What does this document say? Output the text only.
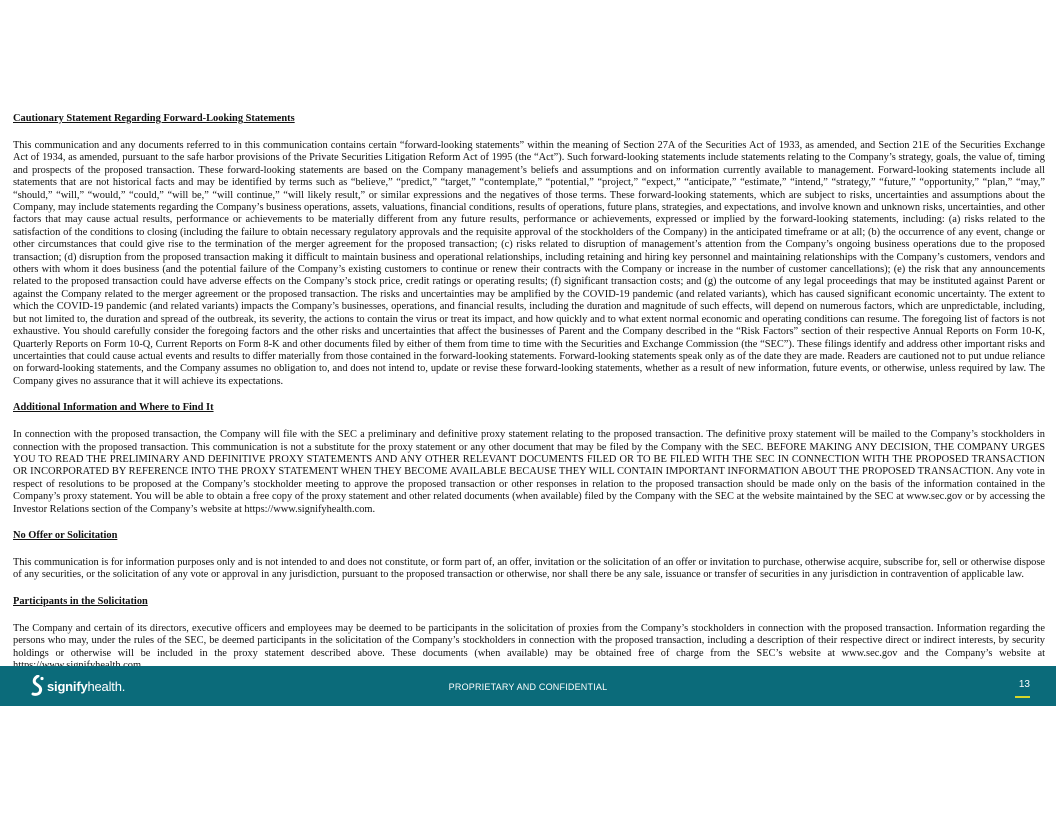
Cautionary Statement Regarding Forward-Looking Statements

This communication and any documents referred to in this communication contains certain “forward-looking statements” within the meaning of Section 27A of the Securities Act of 1933, as amended, and Section 21E of the Securities Exchange Act of 1934, as amended, pursuant to the safe harbor provisions of the Private Securities Litigation Reform Act of 1995 (the “Act”). Such forward-looking statements include statements relating to the Company’s strategy, goals, the value of, timing and prospects of the proposed transaction. These forward-looking statements are based on the Company management’s beliefs and assumptions and on information currently available to management. Forward-looking statements include all statements that are not historical facts and may be identified by terms such as “believe,” “predict,” “target,” “contemplate,” “potential,” “project,” “expect,” “anticipate,” “estimate,” “intend,” “strategy,” “future,” “opportunity,” “plan,” “may,” “should,” “will,” “would,” “could,” “will be,” “will continue,” “will likely result,” or similar expressions and the negatives of those terms. These forward-looking statements, which are subject to risks, uncertainties and assumptions about the Company, may include statements regarding the Company’s business operations, assets, valuations, financial conditions, results of operations, future plans, strategies, and expectations, and involve known and unknown risks, uncertainties, and other factors that may cause actual results, performance or achievements to be materially different from any future results, performance or achievements, expressed or implied by the forward-looking statements, including: (a) risks related to the satisfaction of the conditions to closing (including the failure to obtain necessary regulatory approvals and the requisite approval of the stockholders of the Company) in the anticipated timeframe or at all; (b) the occurrence of any event, change or other circumstances that could give rise to the termination of the merger agreement for the proposed transaction; (c) risks related to disruption of management’s attention from the Company’s ongoing business operations due to the proposed transaction; (d) disruption from the proposed transaction making it difficult to maintain business and operational relationships, including retaining and hiring key personnel and maintaining relationships with the Company’s customers, vendors and others with whom it does business (and the potential failure of the Company’s existing customers to continue or renew their contracts with the Company or increase in the number of customer cancellations); (e) the risk that any announcements related to the proposed transaction could have adverse effects on the Company’s stock price, credit ratings or operating results; (f) significant transaction costs; and (g) the outcome of any legal proceedings that may be instituted against Parent or against the Company related to the merger agreement or the proposed transaction. The risks and uncertainties may be amplified by the COVID-19 pandemic (and related variants), which has caused significant economic uncertainty. The extent to which the COVID-19 pandemic (and related variants) impacts the Company’s businesses, operations, and financial results, including the duration and magnitude of such effects, will depend on numerous factors, which are unpredictable, including, but not limited to, the duration and spread of the outbreak, its severity, the actions to contain the virus or treat its impact, and how quickly and to what extent normal economic and operating conditions can resume. The foregoing list of factors is not exhaustive. You should carefully consider the foregoing factors and the other risks and uncertainties that affect the businesses of Parent and the Company described in the “Risk Factors” section of their respective Annual Reports on Form 10-K, Quarterly Reports on Form 10-Q, Current Reports on Form 8-K and other documents filed by either of them from time to time with the Securities and Exchange Commission (the “SEC”). These filings identify and address other important risks and uncertainties that could cause actual events and results to differ materially from those contained in the forward-looking statements. Forward-looking statements speak only as of the date they are made. Readers are cautioned not to put undue reliance on forward-looking statements, and the Company assumes no obligation to, and does not intend to, update or revise these forward-looking statements, whether as a result of new information, future events, or otherwise, unless required by law. The Company gives no assurance that it will achieve its expectations.

Additional Information and Where to Find It

In connection with the proposed transaction, the Company will file with the SEC a preliminary and definitive proxy statement relating to the proposed transaction. The definitive proxy statement will be mailed to the Company’s stockholders in connection with the proposed transaction. This communication is not a substitute for the proxy statement or any other document that may be filed by the Company with the SEC. BEFORE MAKING ANY DECISION, THE COMPANY URGES YOU TO READ THE PRELIMINARY AND DEFINITIVE PROXY STATEMENTS AND ANY OTHER RELEVANT DOCUMENTS FILED OR TO BE FILED WITH THE SEC IN CONNECTION WITH THE PROPOSED TRANSACTION OR INCORPORATED BY REFERENCE INTO THE PROXY STATEMENT WHEN THEY BECOME AVAILABLE BECAUSE THEY WILL CONTAIN IMPORTANT INFORMATION ABOUT THE PROPOSED TRANSACTION. Any vote in respect of resolutions to be proposed at the Company’s stockholder meeting to approve the proposed transaction or other responses in relation to the proposed transaction should be made only on the basis of the information contained in the Company’s proxy statement. You will be able to obtain a free copy of the proxy statement and other related documents (when available) filed by the Company with the SEC at the website maintained by the SEC at www.sec.gov or by accessing the Investor Relations section of the Company’s website at https://www.signifyhealth.com.

No Offer or Solicitation

This communication is for information purposes only and is not intended to and does not constitute, or form part of, an offer, invitation or the solicitation of an offer or invitation to purchase, otherwise acquire, subscribe for, sell or otherwise dispose of any securities, or the solicitation of any vote or approval in any jurisdiction, pursuant to the proposed transaction or otherwise, nor shall there be any sale, issuance or transfer of securities in any jurisdiction in contravention of applicable law.

Participants in the Solicitation

The Company and certain of its directors, executive officers and employees may be deemed to be participants in the solicitation of proxies from the Company’s stockholders in connection with the proposed transaction. Information regarding the persons who may, under the rules of the SEC, be deemed participants in the solicitation of the Company’s stockholders in connection with the proposed transaction, including a description of their respective direct or indirect interests, by security holdings or otherwise will be included in the proxy statement described above. These documents (when available) may be obtained free of charge from the SEC’s website at www.sec.gov and the Company’s website at

signifyhealth.	PROPRIETARY AND CONFIDENTIAL	13
